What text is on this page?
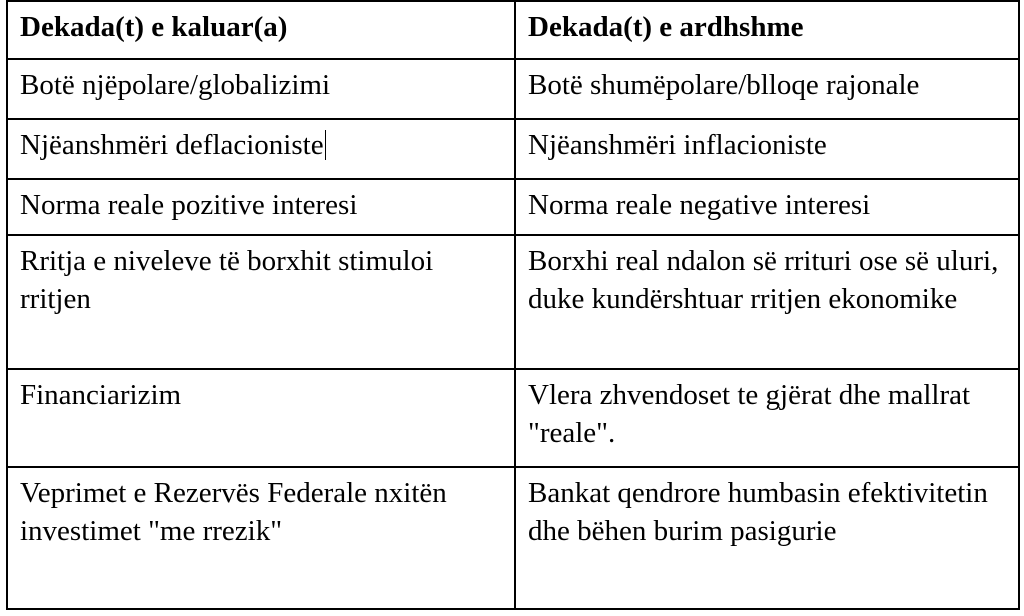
Dekada(t) e kaluar(a)	Dekada(t) e ardhshme
Botë njëpolare/globalizimi	Botë shumëpolare/blloqe rajonale
Njëanshmëri deflacioniste	Njëanshmëri inflacioniste
Norma reale pozitive interesi	Norma reale negative interesi
Rritja e niveleve të borxhit stimuloi rritjen	Borxhi real ndalon së rrituri ose së uluri, duke kundërshtuar rritjen ekonomike
Financiarizim	Vlera zhvendoset te gjërat dhe mallrat "reale".
Veprimet e Rezervës Federale nxitën investimet "me rrezik"	Bankat qendrore humbasin efektivitetin dhe bëhen burim pasigurie
